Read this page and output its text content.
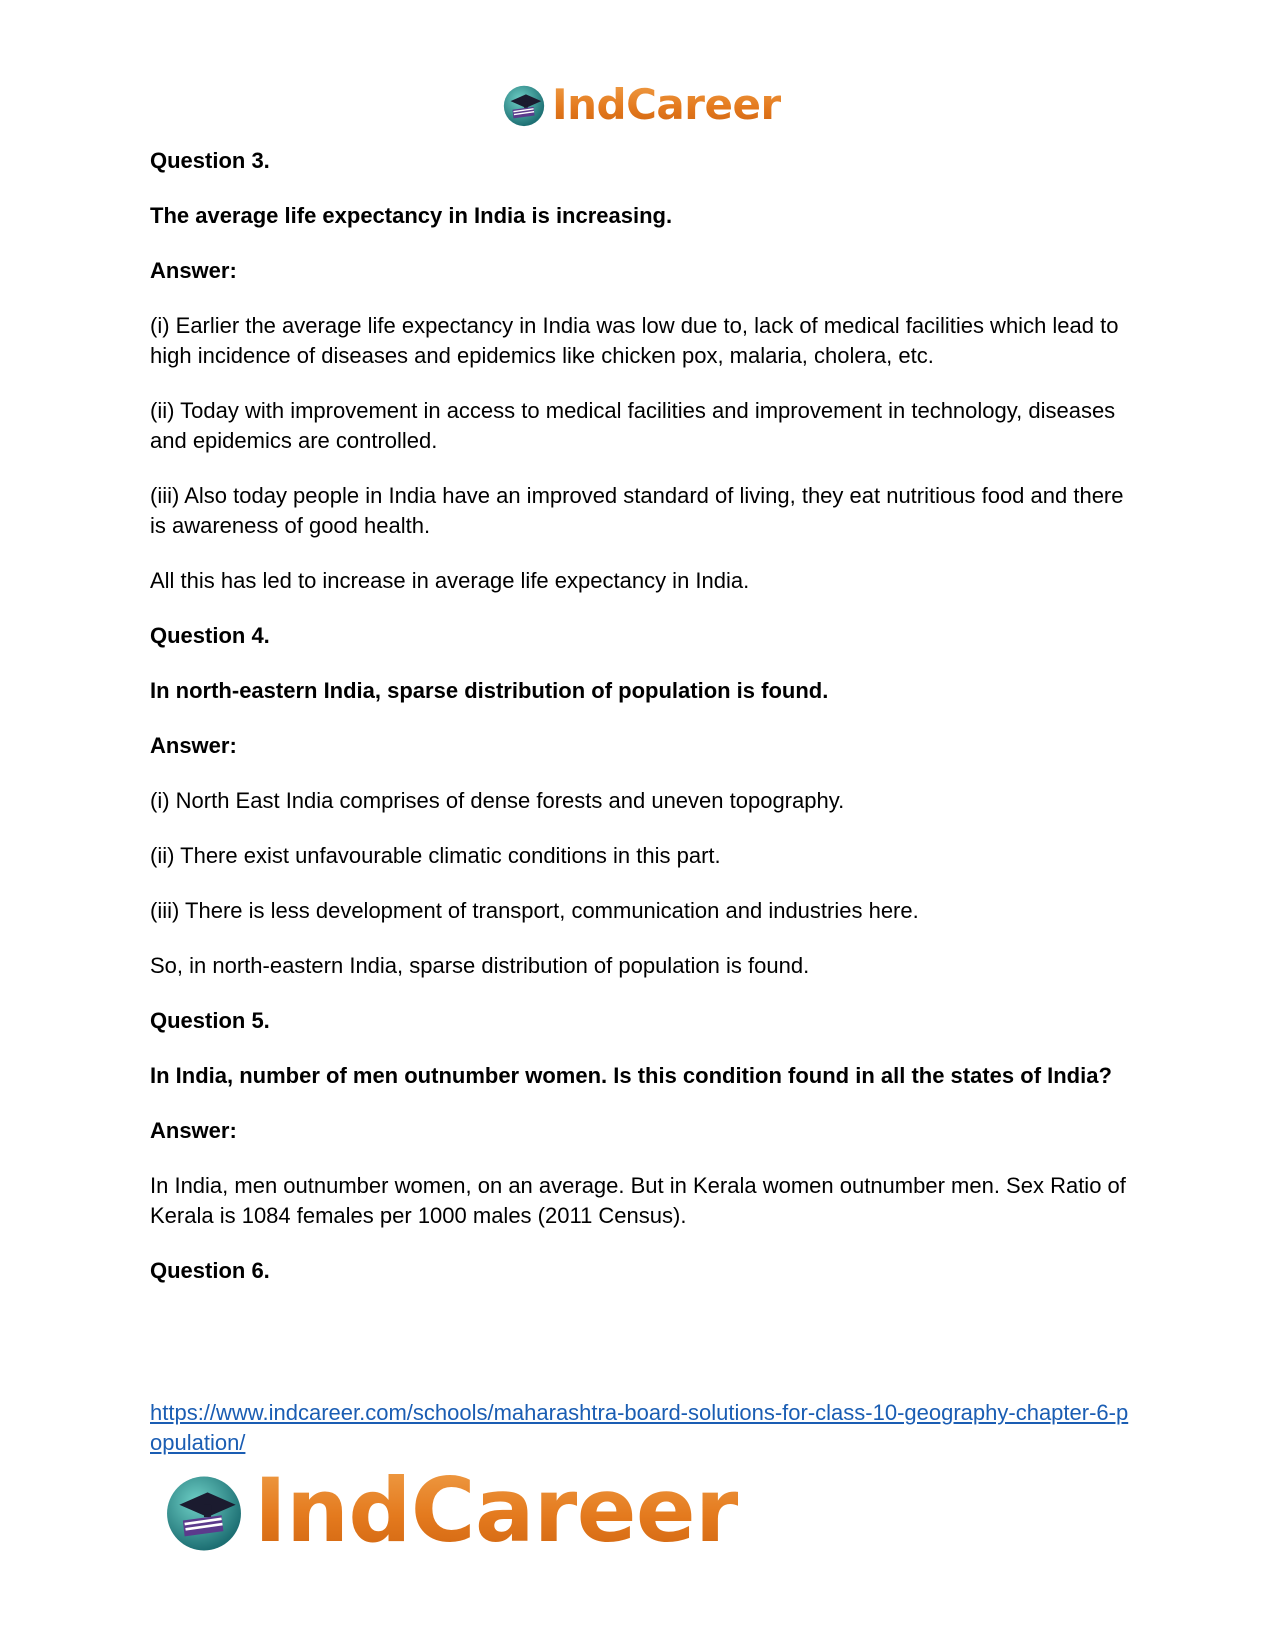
IndCareer

Question 3.

The average life expectancy in India is increasing.

Answer:

(i) Earlier the average life expectancy in India was low due to, lack of medical facilities which lead to high incidence of diseases and epidemics like chicken pox, malaria, cholera, etc.

(ii) Today with improvement in access to medical facilities and improvement in technology, diseases and epidemics are controlled.

(iii) Also today people in India have an improved standard of living, they eat nutritious food and there is awareness of good health.

All this has led to increase in average life expectancy in India.

Question 4.

In north-eastern India, sparse distribution of population is found.

Answer:

(i) North East India comprises of dense forests and uneven topography.

(ii) There exist unfavourable climatic conditions in this part.

(iii) There is less development of transport, communication and industries here.

So, in north-eastern India, sparse distribution of population is found.

Question 5.

In India, number of men outnumber women. Is this condition found in all the states of India?

Answer:

In India, men outnumber women, on an average. But in Kerala women outnumber men. Sex Ratio of Kerala is 1084 females per 1000 males (2011 Census).

Question 6.

https://www.indcareer.com/schools/maharashtra-board-solutions-for-class-10-geography-chapter-6-population/
IndCareer
